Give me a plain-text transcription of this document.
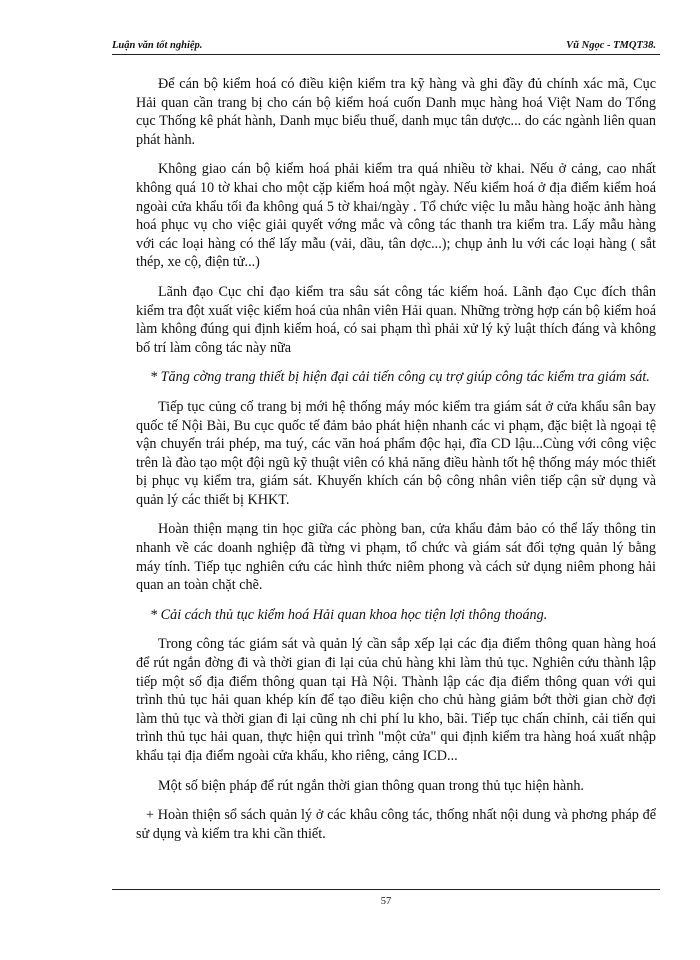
Luận văn tốt nghiệp.	Vũ Ngọc - TMQT38.

Để cán bộ kiểm hoá có điều kiện kiểm tra kỹ hàng và ghi đầy đủ chính xác mã, Cục Hải quan cần trang bị cho cán bộ kiểm hoá cuốn Danh mục hàng hoá Việt Nam do Tổng cục Thống kê phát hành, Danh mục biểu thuế, danh mục tân dược... do các ngành liên quan phát hành.

Không giao cán bộ kiểm hoá phải kiểm tra quá nhiều tờ khai. Nếu ở cảng, cao nhất không quá 10 tờ khai cho một cặp kiểm hoá một ngày. Nếu kiểm hoá ở địa điểm kiểm hoá ngoài cửa khẩu tối đa không quá 5 tờ khai/ngày . Tổ chức việc lu mẫu hàng hoặc ảnh hàng hoá phục vụ cho việc giải quyết vớng mắc và công tác thanh tra kiểm tra. Lấy mẫu hàng với các loại hàng có thể lấy mẫu (vải, dầu, tân dợc...); chụp ảnh lu với các loại hàng ( sắt thép, xe cộ, điện tử...)

Lãnh đạo Cục chỉ đạo kiểm tra sâu sát công tác kiểm hoá. Lãnh đạo Cục đích thân kiểm tra đột xuất việc kiểm hoá của nhân viên Hải quan. Những trờng hợp cán bộ kiểm hoá làm không đúng qui định kiểm hoá, có sai phạm thì phải xử lý kỷ luật thích đáng và không bố trí làm công tác này nữa

* Tăng cờng trang thiết bị hiện đại cải tiến công cụ trợ giúp công tác kiểm tra giám sát.

Tiếp tục củng cố trang bị mới hệ thống máy móc kiểm tra giám sát ở cửa khẩu sân bay quốc tế Nội Bài, Bu cục quốc tế đảm bảo phát hiện nhanh các vi phạm, đặc biệt là ngoại tệ vận chuyển trái phép, ma tuý, các văn hoá phẩm độc hại, đĩa CD lậu...Cùng với công việc trên là đào tạo một đội ngũ kỹ thuật viên có khả năng điều hành tốt hệ thống máy móc thiết bị phục vụ kiểm tra, giám sát. Khuyến khích cán bộ công nhân viên tiếp cận sử dụng và quản lý các thiết bị KHKT.

Hoàn thiện mạng tin học giữa các phòng ban, cửa khẩu đảm bảo có thể lấy thông tin nhanh về các doanh nghiệp đã từng vi phạm, tổ chức và giám sát đối tợng quản lý bằng máy tính. Tiếp tục nghiên cứu các hình thức niêm phong và cách sử dụng niêm phong hải quan an toàn chặt chẽ.

* Cải cách thủ tục kiểm hoá Hải quan khoa học tiện lợi thông thoáng.

Trong công tác giám sát và quản lý cần sắp xếp lại các địa điểm thông quan hàng hoá để rút ngắn đờng đi và thời gian đi lại của chủ hàng khi làm thủ tục. Nghiên cứu thành lập tiếp một số địa điểm thông quan tại Hà Nội. Thành lập các địa điểm thông quan với qui trình thủ tục hải quan khép kín để tạo điều kiện cho chủ hàng giảm bớt thời gian chờ đợi làm thủ tục và thời gian đi lại cũng nh chi phí lu kho, bãi. Tiếp tục chấn chỉnh, cải tiến qui trình thủ tục hải quan, thực hiện qui trình "một cửa" qui định kiểm tra hàng hoá xuất nhập khẩu tại địa điểm ngoài cửa khẩu, kho riêng, cảng ICD...

Một số biện pháp để rút ngắn thời gian thông quan trong thủ tục hiện hành.

+ Hoàn thiện sổ sách quản lý ở các khâu công tác, thống nhất nội dung và phơng pháp để sử dụng và kiểm tra khi cần thiết.

57
